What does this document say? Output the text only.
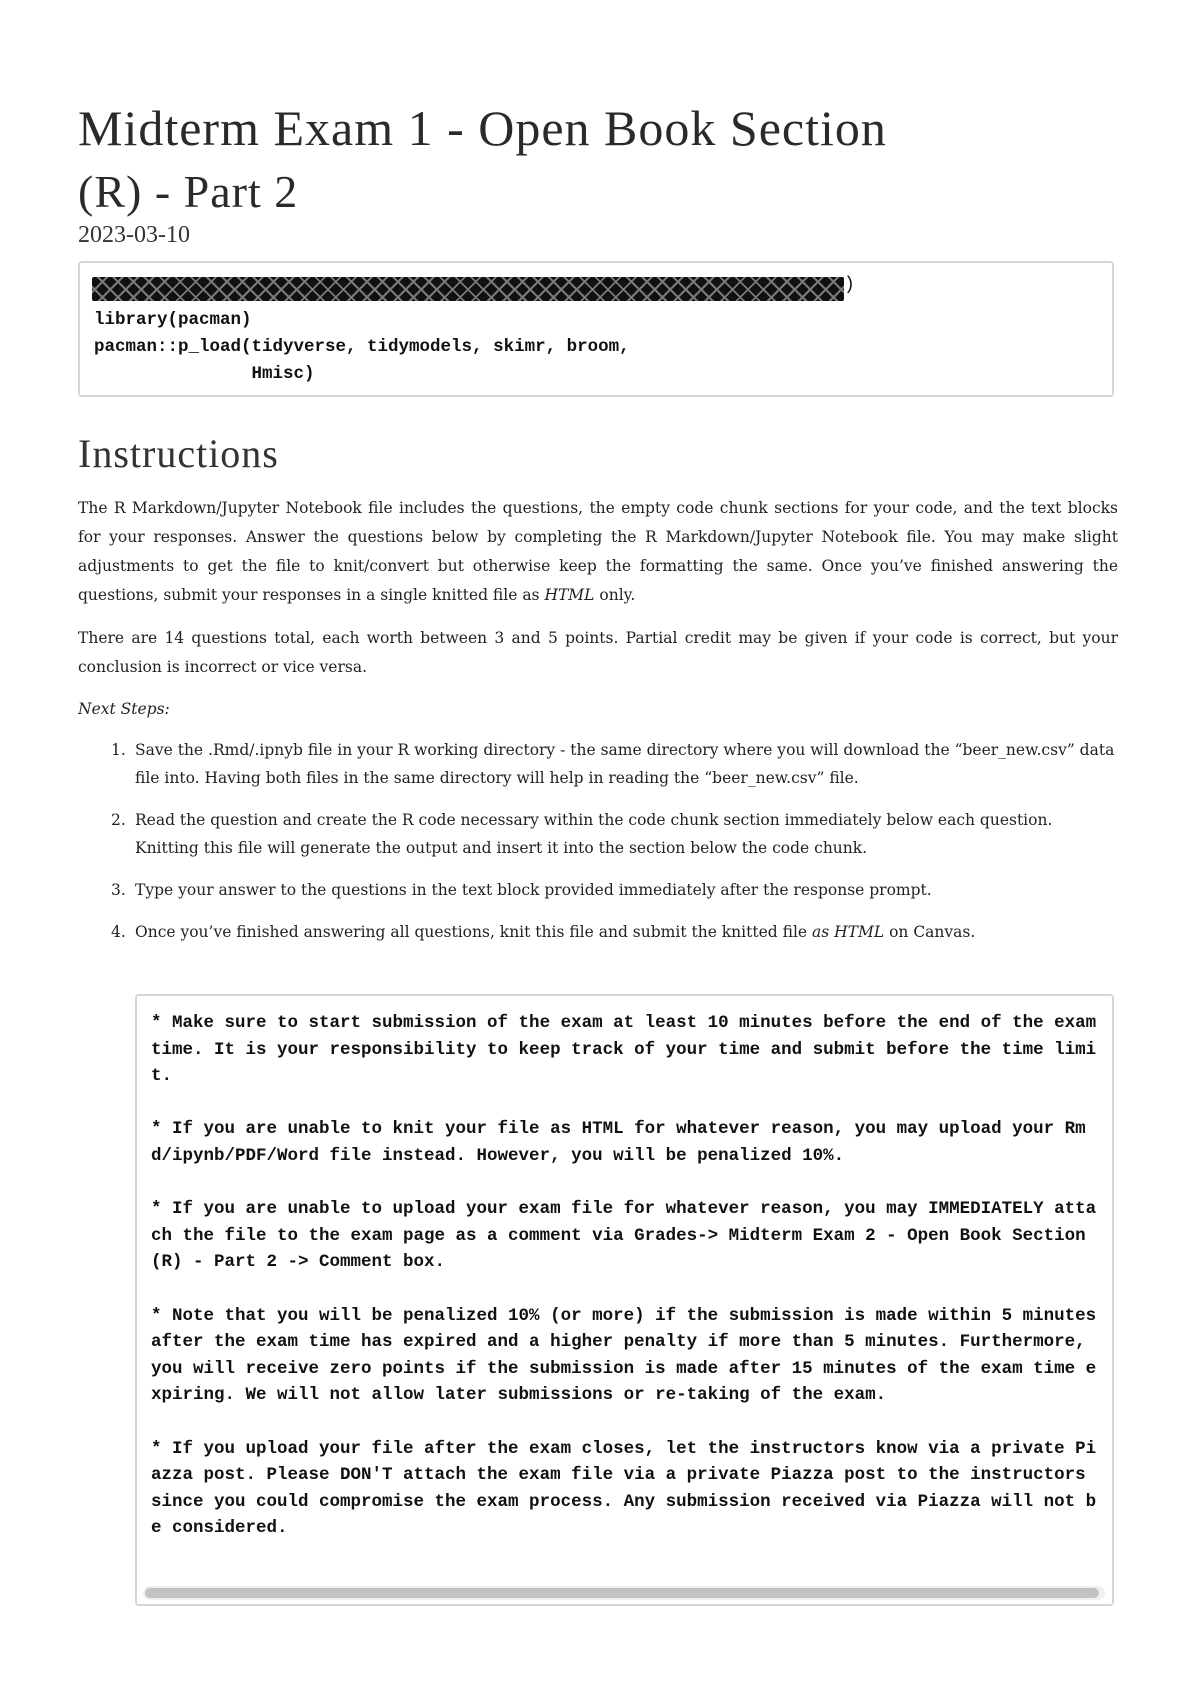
Midterm Exam 1 - Open Book Section
(R) - Part 2
2023-03-10
)
library(pacman)
pacman::p_load(tidyverse, tidymodels, skimr, broom,
Hmisc)
Instructions

The R Markdown/Jupyter Notebook file includes the questions, the empty code chunk sections for your code, and the text blocks for your responses. Answer the questions below by completing the R Markdown/Jupyter Notebook file. You may make slight adjustments to get the file to knit/convert but otherwise keep the formatting the same. Once you’ve finished answering the questions, submit your responses in a single knitted file as HTML only.

There are 14 questions total, each worth between 3 and 5 points. Partial credit may be given if your code is correct, but your conclusion is incorrect or vice versa.

Next Steps:

1. Save the .Rmd/.ipnyb file in your R working directory - the same directory where you will download the “beer_new.csv” data file into. Having both files in the same directory will help in reading the “beer_new.csv” file.
2. Read the question and create the R code necessary within the code chunk section immediately below each question. Knitting this file will generate the output and insert it into the section below the code chunk.
3. Type your answer to the questions in the text block provided immediately after the response prompt.
4. Once you’ve finished answering all questions, knit this file and submit the knitted file as HTML on Canvas.

* Make sure to start submission of the exam at least 10 minutes before the end of the exam time. It is your responsibility to keep track of your time and submit before the time limit.

* If you are unable to knit your file as HTML for whatever reason, you may upload your Rmd/ipynb/PDF/Word file instead. However, you will be penalized 10%.

* If you are unable to upload your exam file for whatever reason, you may IMMEDIATELY attach the file to the exam page as a comment via Grades-> Midterm Exam 2 - Open Book Section (R) - Part 2 -> Comment box.

* Note that you will be penalized 10% (or more) if the submission is made within 5 minutes after the exam time has expired and a higher penalty if more than 5 minutes. Furthermore, you will receive zero points if the submission is made after 15 minutes of the exam time expiring. We will not allow later submissions or re-taking of the exam.

* If you upload your file after the exam closes, let the instructors know via a private Piazza post. Please DON'T attach the exam file via a private Piazza post to the instructors since you could compromise the exam process. Any submission received via Piazza will not be considered.
